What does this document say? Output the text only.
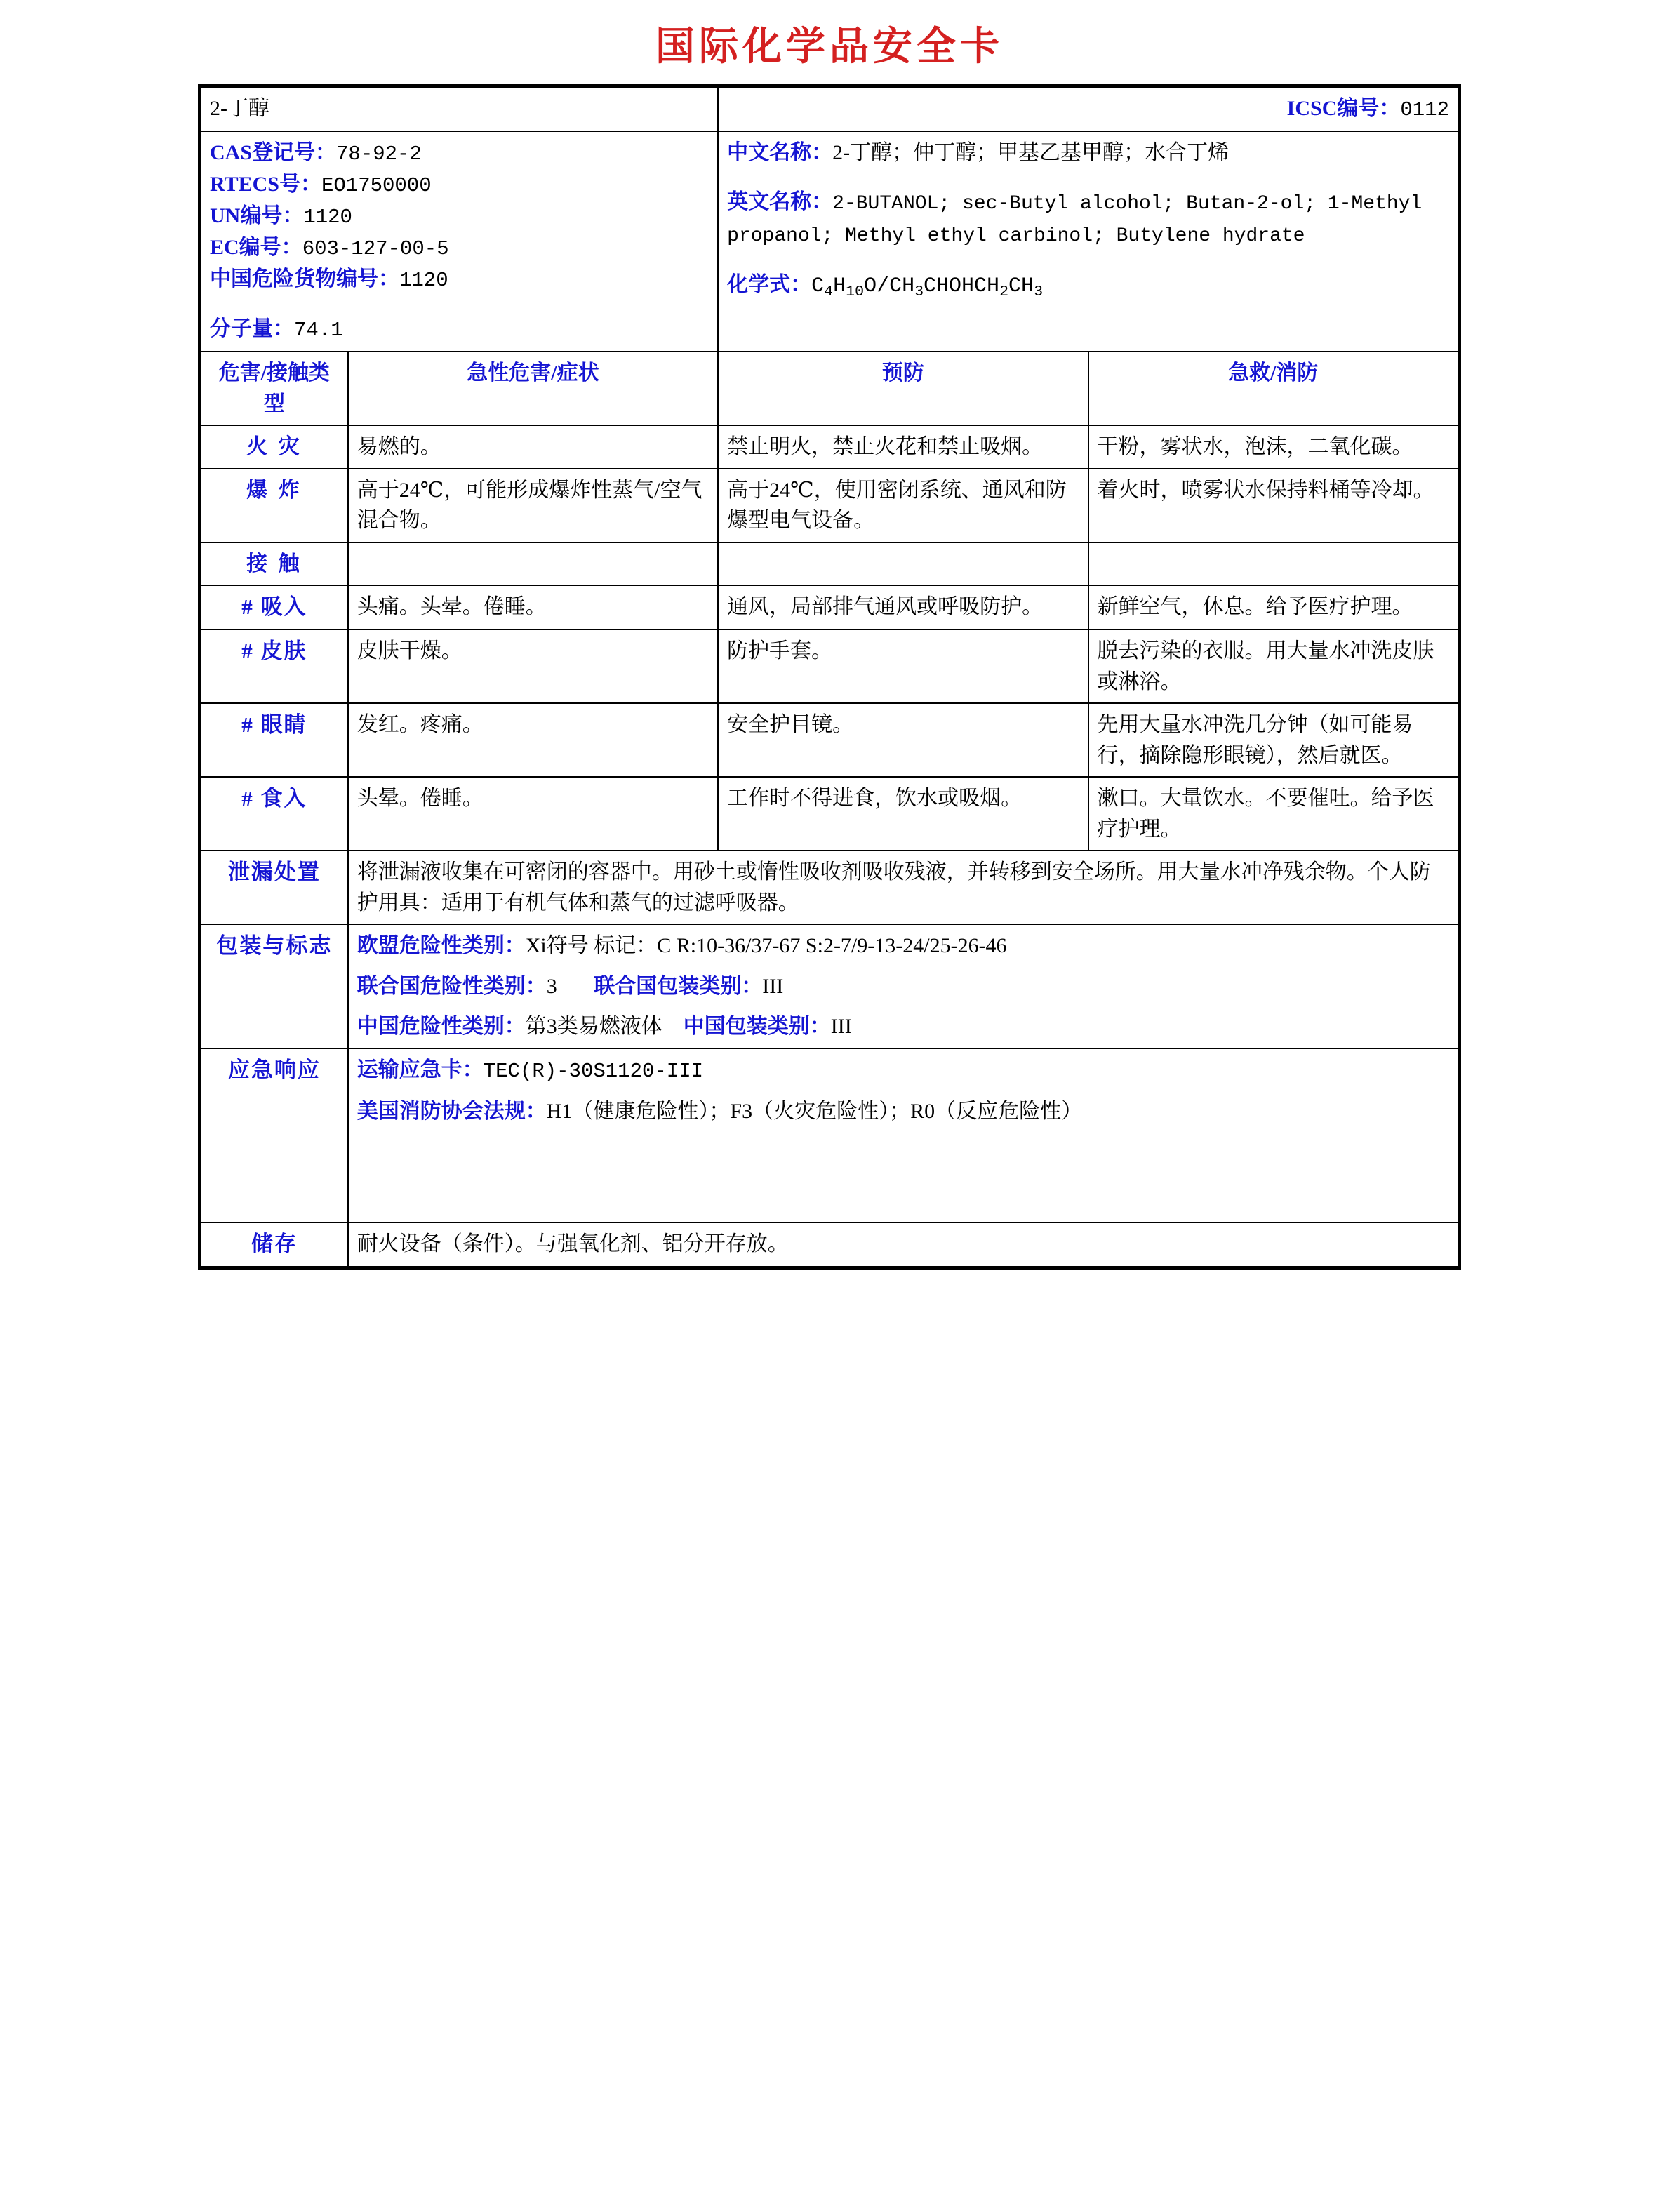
国际化学品安全卡
2-丁醇		ICSC编号：0112	

CAS登记号：78-92-2
RTECS号：EO1750000
UN编号：1120
EC编号：603-127-00-5
中国危险货物编号：1120
分子量：74.1

中文名称：2-丁醇；仲丁醇；甲基乙基甲醇；水合丁烯
英文名称：2-BUTANOL; sec-Butyl alcohol; Butan-2-ol; 1-Methyl propanol; Methyl ethyl carbinol; Butylene hydrate
化学式：$C_4H_{10}O/CH_3CHOHCH_2CH_3$

危害/接触类型	急性危害/症状	预防	急救/消防
火 灾	易燃的。	禁止明火，禁止火花和禁止吸烟。	干粉，雾状水，泡沫，二氧化碳。
爆 炸	高于24℃，可能形成爆炸性蒸气/空气混合物。	高于24℃，使用密闭系统、通风和防爆型电气设备。	着火时，喷雾状水保持料桶等冷却。
接 触			
# 吸入	头痛。头晕。倦睡。	通风，局部排气通风或呼吸防护。	新鲜空气，休息。给予医疗护理。
# 皮肤	皮肤干燥。	防护手套。	脱去污染的衣服。用大量水冲洗皮肤或淋浴。
# 眼睛	发红。疼痛。	安全护目镜。	先用大量水冲洗几分钟（如可能易行，摘除隐形眼镜），然后就医。
# 食入	头晕。倦睡。	工作时不得进食，饮水或吸烟。	漱口。大量饮水。不要催吐。给予医疗护理。
泄漏处置	将泄漏液收集在可密闭的容器中。用砂土或惰性吸收剂吸收残液，并转移到安全场所。用大量水冲净残余物。个人防护用具：适用于有机气体和蒸气的过滤呼吸器。		
包装与标志	欧盟危险性类别：Xi符号 标记：C R:10-36/37-67 S:2-7/9-13-24/25-26-46

联合国危险性类别：3 联合国包装类别：III

中国危险性类别：第3类易燃液体 中国包装类别：III		

应急响应	运输应急卡：TEC(R)-30S1120-III

美国消防协会法规：H1（健康危险性）；F3（火灾危险性）；R0（反应危险性）		

储存	耐火设备（条件）。与强氧化剂、铝分开存放。		
